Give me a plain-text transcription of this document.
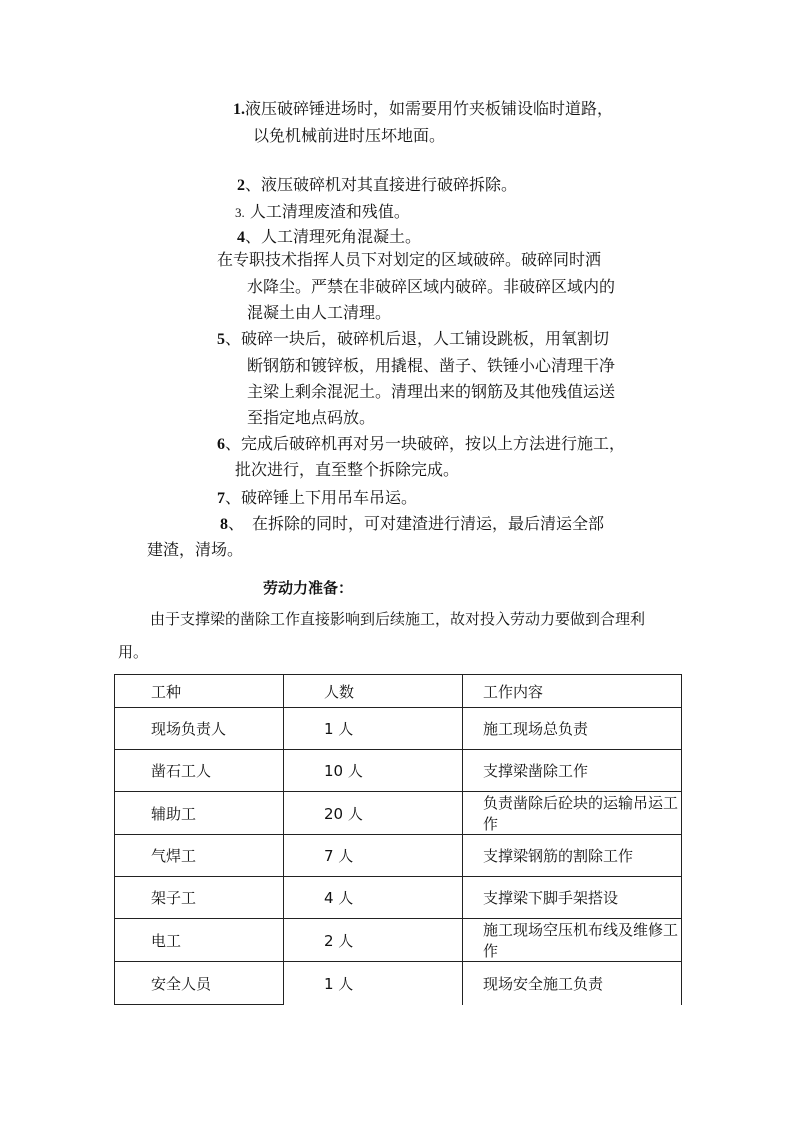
1.液压破碎锤进场时，如需要用竹夹板铺设临时道路，
以免机械前进时压坏地面。
2、液压破碎机对其直接进行破碎拆除。
3. 人工清理废渣和残值。
4、人工清理死角混凝土。
在专职技术指挥人员下对划定的区域破碎。破碎同时洒
水降尘。严禁在非破碎区域内破碎。非破碎区域内的
混凝土由人工清理。
5、破碎一块后，破碎机后退，人工铺设跳板，用氧割切
断钢筋和镀锌板，用撬棍、凿子、铁锤小心清理干净
主梁上剩余混泥土。清理出来的钢筋及其他残值运送
至指定地点码放。
6、完成后破碎机再对另一块破碎，按以上方法进行施工，
批次进行，直至整个拆除完成。
7、破碎锤上下用吊车吊运。
8、　在拆除的同时，可对建渣进行清运，最后清运全部
建渣，清场。
劳动力准备：
由于支撑梁的凿除工作直接影响到后续施工，故对投入劳动力要做到合理利
用。
工种	人数	工作内容
现场负责人	1 人	施工现场总负责
凿石工人	10 人	支撑梁凿除工作
辅助工	20 人	负责凿除后砼块的运输吊运工作
气焊工	7 人	支撑梁钢筋的割除工作
架子工	4 人	支撑梁下脚手架搭设
电工	2 人	施工现场空压机布线及维修工作
安全人员	1 人	现场安全施工负责
